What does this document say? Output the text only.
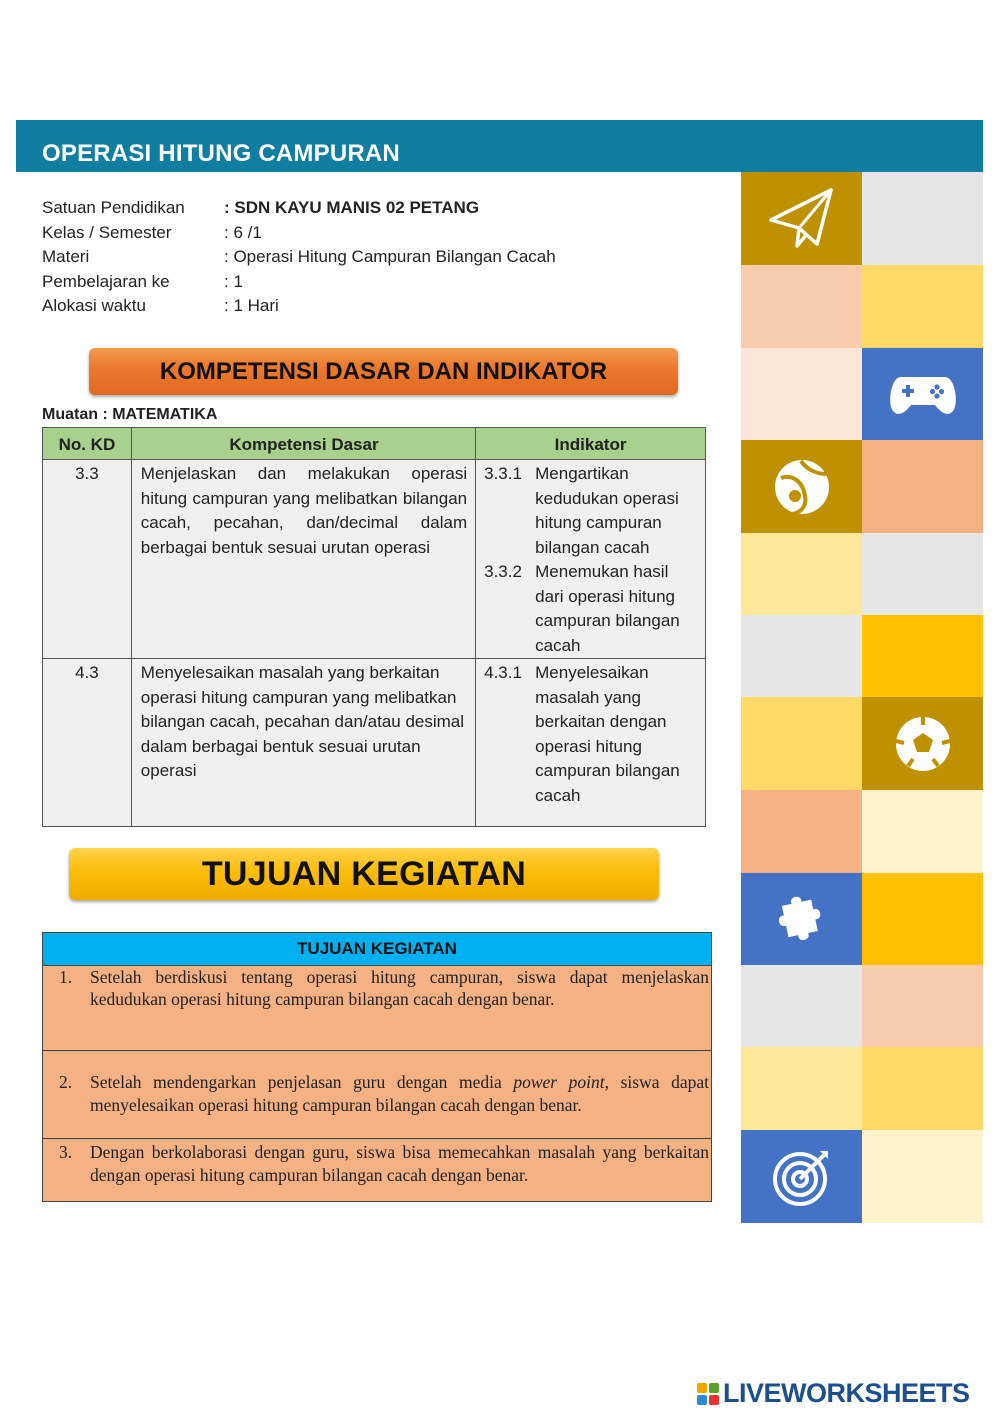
OPERASI HITUNG CAMPURAN
Satuan Pendidikan	: SDN KAYU MANIS 02 PETANG
Kelas / Semester	: 6 /1
Materi	: Operasi Hitung Campuran Bilangan Cacah
Pembelajaran ke	: 1
Alokasi waktu	: 1 Hari
KOMPETENSI DASAR DAN INDIKATOR
Muatan : MATEMATIKA
No. KD	Kompetensi Dasar	Indikator
3.3	Menjelaskan dan melakukan operasi hitung campuran yang melibatkan bilangan cacah, pecahan, dan/decimal dalam berbagai bentuk sesuai urutan operasi	3.3.1 Mengartikan kedudukan operasi hitung campuran bilangan cacah
3.3.2 Menemukan hasil dari operasi hitung campuran bilangan cacah

4.3	Menyelesaikan masalah yang berkaitan operasi hitung campuran yang melibatkan bilangan cacah, pecahan dan/atau desimal dalam berbagai bentuk sesuai urutan operasi	4.3.1 Menyelesaikan masalah yang berkaitan dengan operasi hitung campuran bilangan cacah
TUJUAN KEGIATAN
TUJUAN KEGIATAN

1.	Setelah berdiskusi tentang operasi hitung campuran, siswa dapat menjelaskan kedudukan operasi hitung campuran bilangan cacah dengan benar.

2.	Setelah mendengarkan penjelasan guru dengan media power point, siswa dapat menyelesaikan operasi hitung campuran bilangan cacah dengan benar.

3.	Dengan berkolaborasi dengan guru, siswa bisa memecahkan masalah yang berkaitan dengan operasi hitung campuran bilangan cacah dengan benar.
LIVEWORKSHEETS
